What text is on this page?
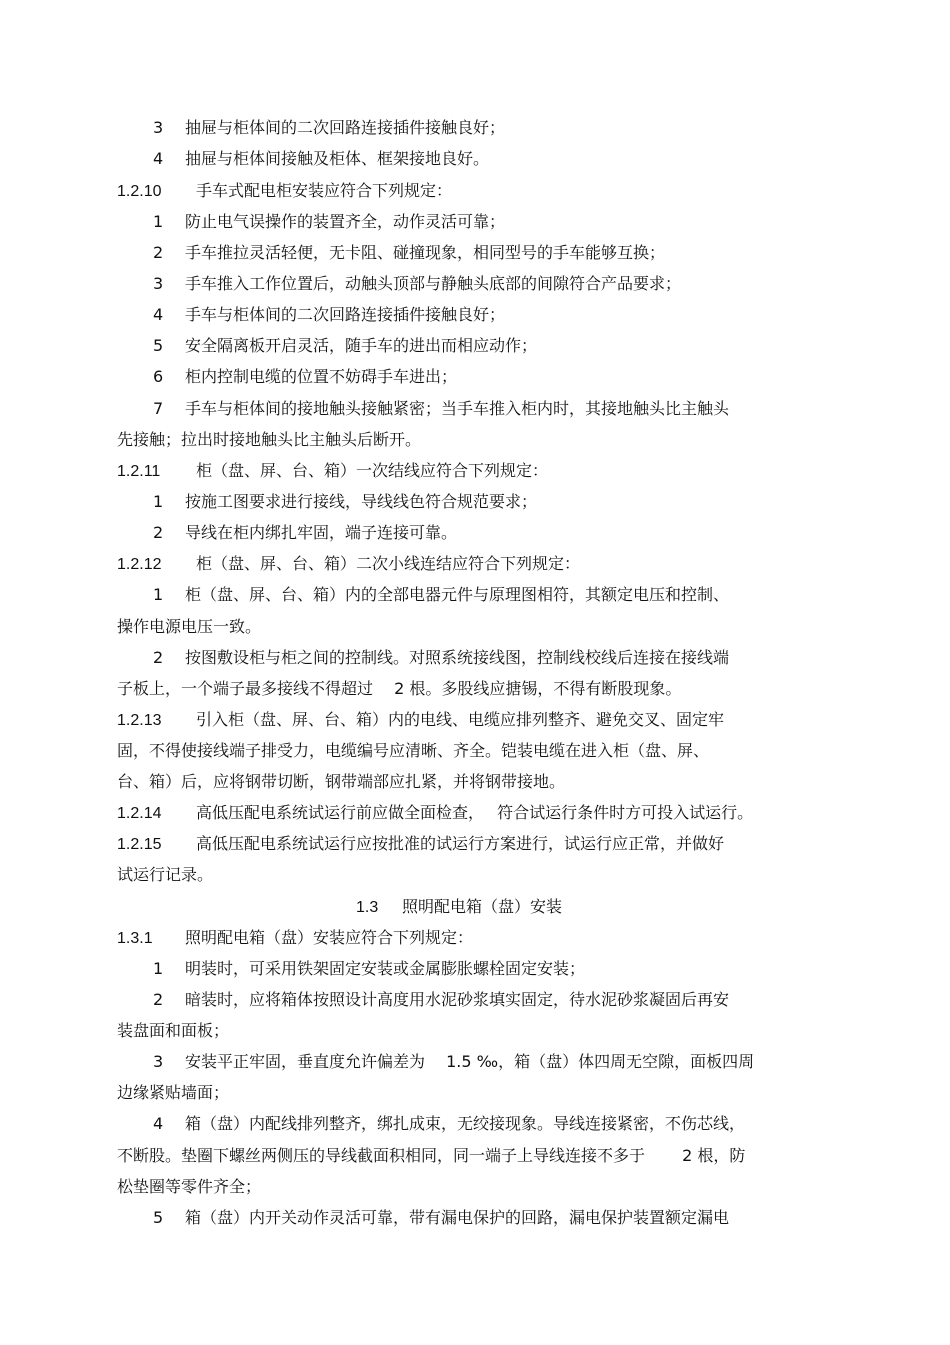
3 抽屉与柜体间的二次回路连接插件接触良好；
4 抽屉与柜体间接触及柜体、框架接地良好。
1.2.10 手车式配电柜安装应符合下列规定：
1 防止电气误操作的装置齐全，动作灵活可靠；
2 手车推拉灵活轻便，无卡阻、碰撞现象，相同型号的手车能够互换；
3 手车推入工作位置后，动触头顶部与静触头底部的间隙符合产品要求；
4 手车与柜体间的二次回路连接插件接触良好；
5 安全隔离板开启灵活，随手车的进出而相应动作；
6 柜内控制电缆的位置不妨碍手车进出；
7 手车与柜体间的接地触头接触紧密；当手车推入柜内时，其接地触头比主触头
先接触；拉出时接地触头比主触头后断开。
1.2.11 柜（盘、屏、台、箱）一次结线应符合下列规定：
1 按施工图要求进行接线，导线线色符合规范要求；
2 导线在柜内绑扎牢固，端子连接可靠。
1.2.12 柜（盘、屏、台、箱）二次小线连结应符合下列规定：
1 柜（盘、屏、台、箱）内的全部电器元件与原理图相符，其额定电压和控制、
操作电源电压一致。
2 按图敷设柜与柜之间的控制线。对照系统接线图，控制线校线后连接在接线端
子板上，一个端子最多接线不得超过　 2 根。多股线应搪锡，不得有断股现象。
1.2.13 引入柜（盘、屏、台、箱）内的电线、电缆应排列整齐、避免交叉、固定牢
固，不得使接线端子排受力，电缆编号应清晰、齐全。铠装电缆在进入柜（盘、屏、
台、箱）后，应将钢带切断，钢带端部应扎紧，并将钢带接地。
1.2.14 高低压配电系统试运行前应做全面检查，　 符合试运行条件时方可投入试运行。
1.2.15 高低压配电系统试运行应按批准的试运行方案进行，试运行应正常，并做好
试运行记录。
1.3 照明配电箱（盘）安装
1.3.1 照明配电箱（盘）安装应符合下列规定：
1 明装时，可采用铁架固定安装或金属膨胀螺栓固定安装；
2 暗装时，应将箱体按照设计高度用水泥砂浆填实固定，待水泥砂浆凝固后再安
装盘面和面板；
3 安装平正牢固，垂直度允许偏差为　 1.5 ‰，箱（盘）体四周无空隙，面板四周
边缘紧贴墙面；
4 箱（盘）内配线排列整齐，绑扎成束，无绞接现象。导线连接紧密，不伤芯线，
不断股。垫圈下螺丝两侧压的导线截面积相同，同一端子上导线连接不多于　　 2 根，防
松垫圈等零件齐全；
5 箱（盘）内开关动作灵活可靠，带有漏电保护的回路，漏电保护装置额定漏电
